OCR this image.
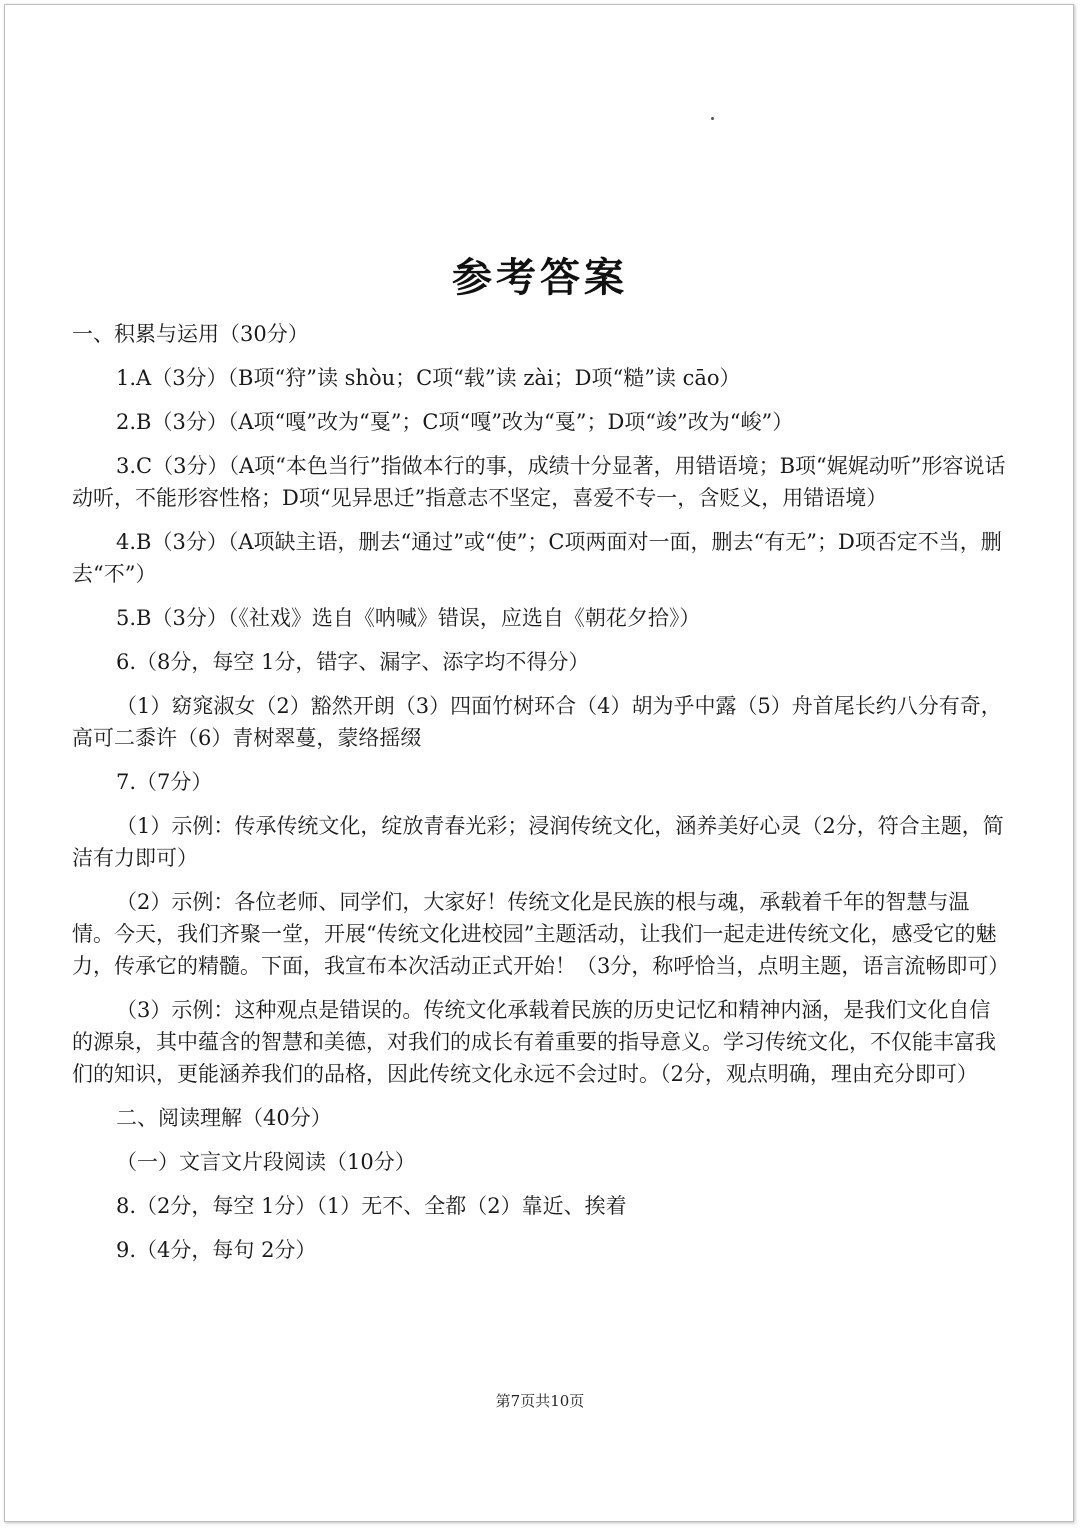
参考答案

一、积累与运用（30分）

1.A（3分）（B项“狩”读 shòu；C项“载”读 zài；D项“糙”读 cāo）

2.B（3分）（A项“嘎”改为“戛”；C项“嘎”改为“戛”；D项“竣”改为“峻”）

3.C（3分）（A项“本色当行”指做本行的事，成绩十分显著，用错语境；B项“娓娓动听”形容说话动听，不能形容性格；D项“见异思迁”指意志不坚定，喜爱不专一，含贬义，用错语境）

4.B（3分）（A项缺主语，删去“通过”或“使”；C项两面对一面，删去“有无”；D项否定不当，删去“不”）

5.B（3分）（《社戏》选自《呐喊》错误，应选自《朝花夕拾》）

6.（8分，每空 1分，错字、漏字、添字均不得分）

（1）窈窕淑女（2）豁然开朗（3）四面竹树环合（4）胡为乎中露（5）舟首尾长约八分有奇，高可二黍许（6）青树翠蔓，蒙络摇缀

7.（7分）

（1）示例：传承传统文化，绽放青春光彩；浸润传统文化，涵养美好心灵（2分，符合主题，简洁有力即可）

（2）示例：各位老师、同学们，大家好！传统文化是民族的根与魂，承载着千年的智慧与温情。今天，我们齐聚一堂，开展“传统文化进校园”主题活动，让我们一起走进传统文化，感受它的魅力，传承它的精髓。下面，我宣布本次活动正式开始！（3分，称呼恰当，点明主题，语言流畅即可）

（3）示例：这种观点是错误的。传统文化承载着民族的历史记忆和精神内涵，是我们文化自信的源泉，其中蕴含的智慧和美德，对我们的成长有着重要的指导意义。学习传统文化，不仅能丰富我们的知识，更能涵养我们的品格，因此传统文化永远不会过时。（2分，观点明确，理由充分即可）

二、阅读理解（40分）

（一）文言文片段阅读（10分）

8.（2分，每空 1分）（1）无不、全都（2）靠近、挨着

9.（4分，每句 2分）

第7页共10页
